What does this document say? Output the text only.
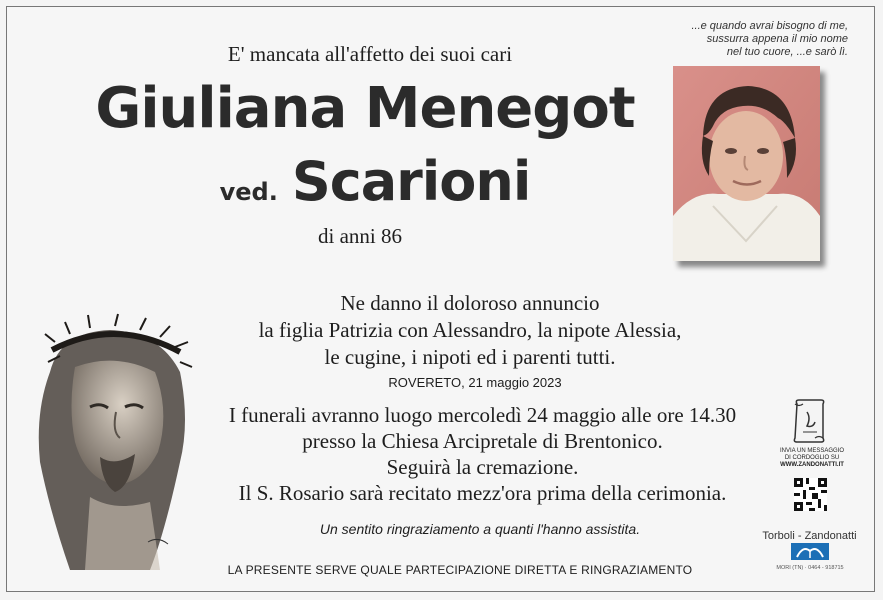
E' mancata all'affetto dei suoi cari
Giuliana Menegot
ved. Scarioni
di anni 86
...e quando avrai bisogno di me,
sussurra appena il mio nome
nel tuo cuore, ...e sarò lì.
Ne danno il doloroso annuncio
la figlia Patrizia con Alessandro, la nipote Alessia,
le cugine, i nipoti ed i parenti tutti.
ROVERETO, 21 maggio 2023
I funerali avranno luogo mercoledì 24 maggio alle ore 14.30
presso la Chiesa Arcipretale di Brentonico.
Seguirà la cremazione.
Il S. Rosario sarà recitato mezz'ora prima della cerimonia.
Un sentito ringraziamento a quanti l'hanno assistita.
LA PRESENTE SERVE QUALE PARTECIPAZIONE DIRETTA E RINGRAZIAMENTO
INVIA UN MESSAGGIO
DI CORDOGLIO SU
WWW.ZANDONATTI.IT
Torboli - Zandonatti
MORI (TN) · 0464 - 918715
